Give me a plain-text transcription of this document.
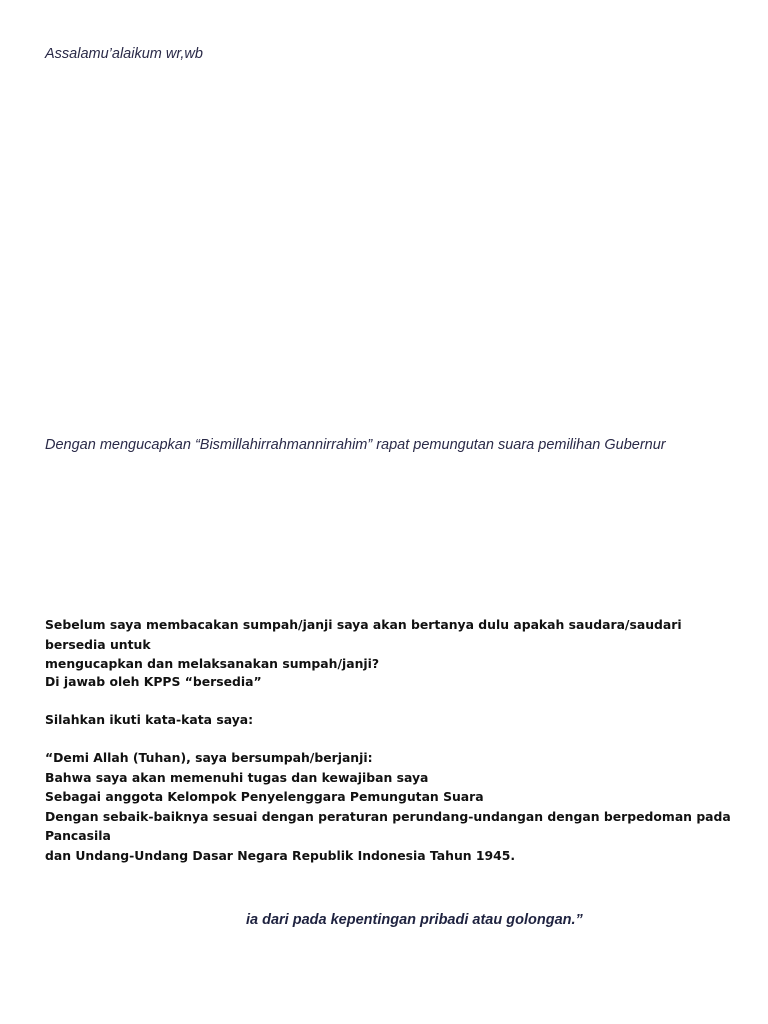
Assalamu’alaikum wr,wb

Dengan mengucapkan “Bismillahirrahmannirrahim” rapat pemungutan suara pemilihan Gubernur

Sebelum saya membacakan sumpah/janji saya akan bertanya dulu apakah saudara/saudari bersedia untuk

mengucapkan dan melaksanakan sumpah/janji?

Di jawab oleh KPPS “bersedia”

Silahkan ikuti kata-kata saya:

“Demi Allah (Tuhan), saya bersumpah/berjanji:

Bahwa saya akan memenuhi tugas dan kewajiban saya

Sebagai anggota Kelompok Penyelenggara Pemungutan Suara

Dengan sebaik-baiknya sesuai dengan peraturan perundang-undangan dengan berpedoman pada Pancasila

dan Undang-Undang Dasar Negara Republik Indonesia Tahun 1945.

ia dari pada kepentingan pribadi atau golongan.”
